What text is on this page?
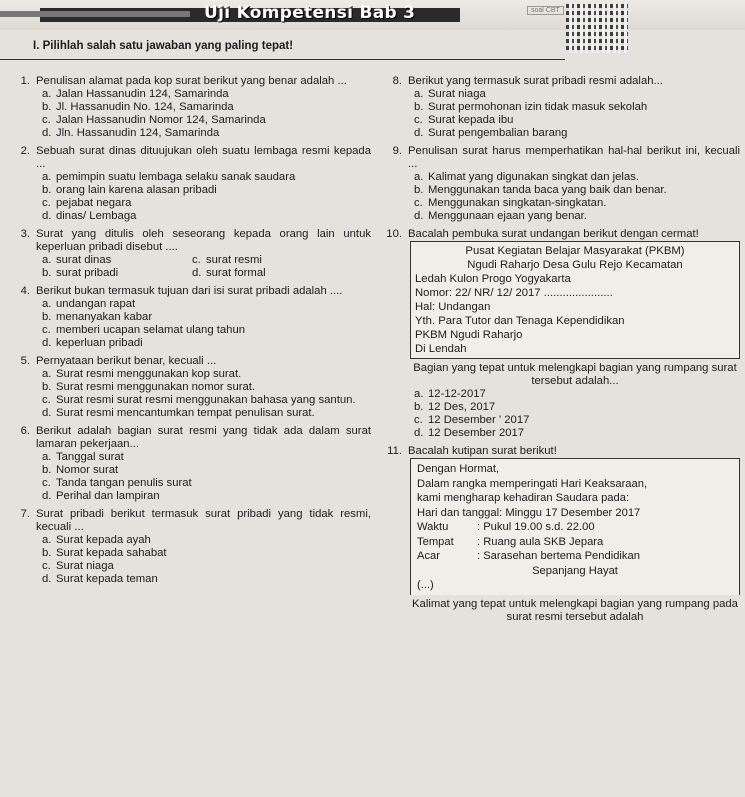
Uji Kompetensi Bab 3	soal CBT
I. Pilihlah salah satu jawaban yang paling tepat!
1. Penulisan alamat pada kop surat berikut yang benar adalah ...
a. Jalan Hassanudin 124, Samarinda
b. Jl. Hassanudin No. 124, Samarinda
c. Jalan Hassanudin Nomor 124, Samarinda
d. Jln. Hassanudin 124, Samarinda
2. Sebuah surat dinas dituujukan oleh suatu lembaga resmi kepada ...
a. pemimpin suatu lembaga selaku sanak saudara
b. orang lain karena alasan pribadi
c. pejabat negara
d. dinas/ Lembaga
3. Surat yang ditulis oleh seseorang kepada orang lain untuk keperluan pribadi disebut ....
a. surat dinas	c. surat resmi
b. surat pribadi	d. surat formal
4. Berikut bukan termasuk tujuan dari isi surat pribadi adalah ....
a. undangan rapat
b. menanyakan kabar
c. memberi ucapan selamat ulang tahun
d. keperluan pribadi
5. Pernyataan berikut benar, kecuali ...
a. Surat resmi menggunakan kop surat.
b. Surat resmi menggunakan nomor surat.
c. Surat resmi surat resmi menggunakan bahasa yang santun.
d. Surat resmi mencantumkan tempat penulisan surat.
6. Berikut adalah bagian surat resmi yang tidak ada dalam surat lamaran pekerjaan...
a. Tanggal surat
b. Nomor surat
c. Tanda tangan penulis surat
d. Perihal dan lampiran
7. Surat pribadi berikut termasuk surat pribadi yang tidak resmi, kecuali ...
a. Surat kepada ayah
b. Surat kepada sahabat
c. Surat niaga
d. Surat kepada teman
8. Berikut yang termasuk surat pribadi resmi adalah...
a. Surat niaga
b. Surat permohonan izin tidak masuk sekolah
c. Surat kepada ibu
d. Surat pengembalian barang
9. Penulisan surat harus memperhatikan hal-hal berikut ini, kecuali ...
a. Kalimat yang digunakan singkat dan jelas.
b. Menggunakan tanda baca yang baik dan benar.
c. Menggunakan singkatan-singkatan.
d. Menggunaan ejaan yang benar.
10. Bacalah pembuka surat undangan berikut dengan cermat!
Pusat Kegiatan Belajar Masyarakat (PKBM)
Ngudi Raharjo Desa Gulu Rejo Kecamatan
Ledah Kulon Progo Yogyakarta
Nomor: 22/ NR/ 12/ 2017 ......................
Hal: Undangan
Yth. Para Tutor dan Tenaga Kependidikan
PKBM Ngudi Raharjo
Di Lendah
Bagian yang tepat untuk melengkapi bagian yang rumpang surat tersebut adalah...
a. 12-12-2017
b. 12 Des, 2017
c. 12 Desember ' 2017
d. 12 Desember 2017
11. Bacalah kutipan surat berikut!
Dengan Hormat,
Dalam rangka memperingati Hari Keaksaraan,
kami mengharap kehadiran Saudara pada:
Hari dan tanggal: Minggu 17 Desember 2017
Waktu	: Pukul 19.00 s.d. 22.00
Tempat	: Ruang aula SKB Jepara
Acar	: Sarasehan bertema Pendidikan
Sepanjang Hayat
(...)
Kalimat yang tepat untuk melengkapi bagian yang rumpang pada surat resmi tersebut adalah
